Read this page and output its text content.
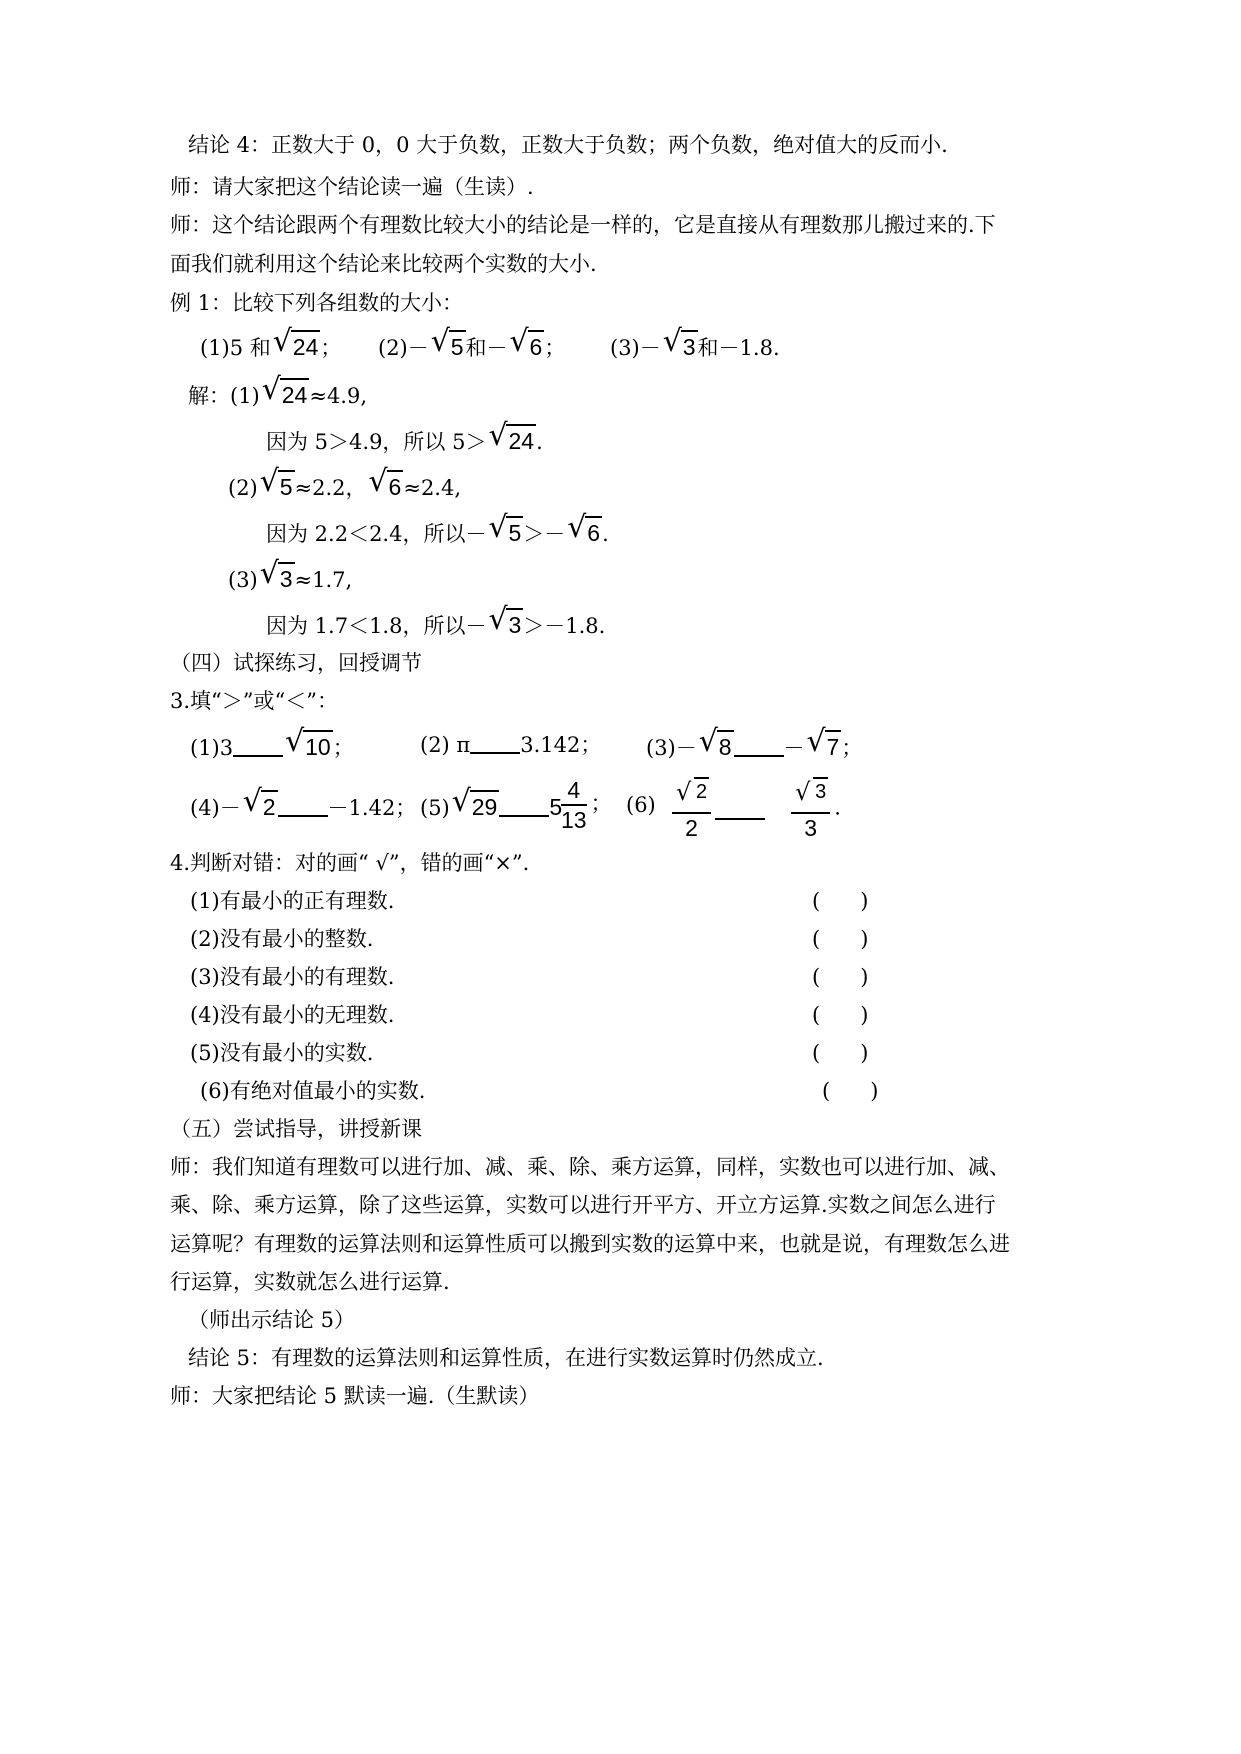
结论 4：正数大于 0，0 大于负数，正数大于负数；两个负数，绝对值大的反而小.
师：请大家把这个结论读一遍（生读）.
师：这个结论跟两个有理数比较大小的结论是一样的，它是直接从有理数那儿搬过来的.下
面我们就利用这个结论来比较两个实数的大小.
例 1：比较下列各组数的大小：
(1)5 和 √ 24； (2)－ √ 5和－ √ 6； (3)－ √ 3和－1.8.
解：(1) √ 24≈4.9,
因为 5＞4.9，所以 5＞ √ 24.
(2) √ 5≈2.2， √ 6≈2.4,
因为 2.2＜2.4，所以－ √ 5＞－ √ 6.
(3) √ 3≈1.7,
因为 1.7＜1.8，所以－ √ 3＞－1.8.
（四）试探练习，回授调节
3.填“＞”或“＜”：
(1)3 √ 10；	(2) π 3.142； (3)－ √ 8 － √ 7；
(4)－ √ 2 －1.42； (5) √ 29 5
$\frac{4}{13}$ ； $(6) \frac{√ 2}{2}$	$\frac{√ 3}{3}$ .
4.判断对错：对的画“ √”，错的画“×”.
(1)有最小的正有理数.	(      )
(2)没有最小的整数.	(      )
(3)没有最小的有理数.	(      )
(4)没有最小的无理数.	(      )
(5)没有最小的实数.	(      )
(6)有绝对值最小的实数.	(      )
（五）尝试指导，讲授新课
师：我们知道有理数可以进行加、减、乘、除、乘方运算，同样，实数也可以进行加、减、
乘、除、乘方运算，除了这些运算，实数可以进行开平方、开立方运算.实数之间怎么进行
运算呢？有理数的运算法则和运算性质可以搬到实数的运算中来，也就是说，有理数怎么进
行运算，实数就怎么进行运算.
（师出示结论 5）
结论 5：有理数的运算法则和运算性质，在进行实数运算时仍然成立.
师：大家把结论 5 默读一遍.（生默读）
